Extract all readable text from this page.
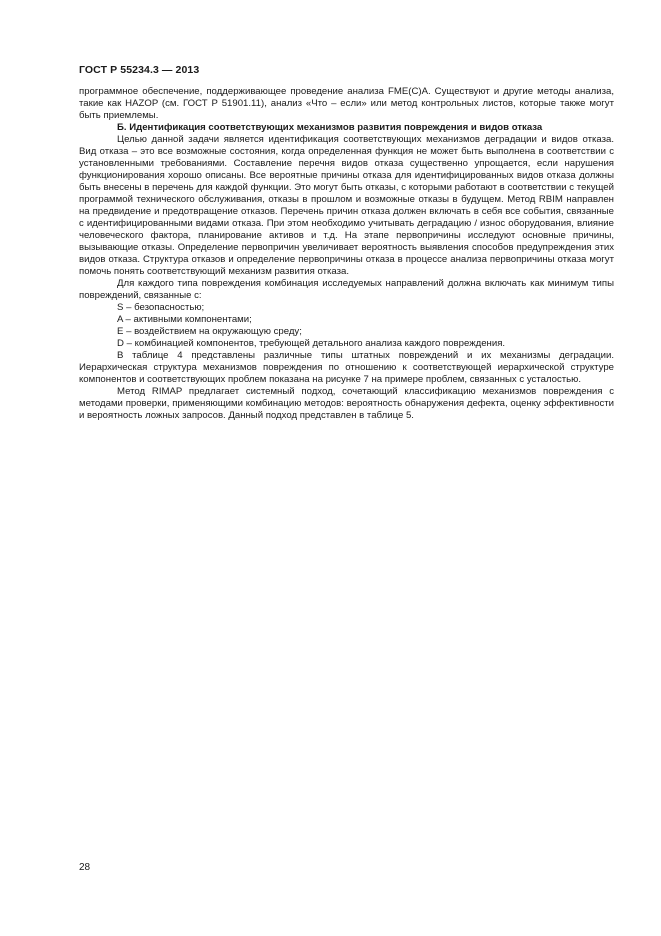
ГОСТ Р 55234.3 — 2013

программное обеспечение, поддерживающее проведение анализа FME(C)A. Существуют и другие методы анализа, такие как HAZOP (см. ГОСТ Р 51901.11), анализ «Что – если» или метод контрольных листов, которые также могут быть приемлемы.

Б. Идентификация соответствующих механизмов развития повреждения и видов отказа

Целью данной задачи является идентификация соответствующих механизмов деградации и видов отказа. Вид отказа – это все возможные состояния, когда определенная функция не может быть выполнена в соответствии с установленными требованиями. Составление перечня видов отказа существенно упрощается, если нарушения функционирования хорошо описаны. Все вероятные причины отказа для идентифицированных видов отказа должны быть внесены в перечень для каждой функции. Это могут быть отказы, с которыми работают в соответствии с текущей программой технического обслуживания, отказы в прошлом и возможные отказы в будущем. Метод RBIM направлен на предвидение и предотвращение отказов. Перечень причин отказа должен включать в себя все события, связанные с идентифицированными видами отказа. При этом необходимо учитывать деградацию / износ оборудования, влияние человеческого фактора, планирование активов и т.д. На этапе первопричины исследуют основные причины, вызывающие отказы. Определение первопричин увеличивает вероятность выявления способов предупреждения этих видов отказа. Структура отказов и определение первопричины отказа в процессе анализа первопричины отказа могут помочь понять соответствующий механизм развития отказа.

Для каждого типа повреждения комбинация исследуемых направлений должна включать как минимум типы повреждений, связанные с:

S – безопасностью;

A – активными компонентами;

E – воздействием на окружающую среду;

D – комбинацией компонентов, требующей детального анализа каждого повреждения.

В таблице 4 представлены различные типы штатных повреждений и их механизмы деградации. Иерархическая структура механизмов повреждения по отношению к соответствующей иерархической структуре компонентов и соответствующих проблем показана на рисунке 7 на примере проблем, связанных с усталостью.

Метод RIMAP предлагает системный подход, сочетающий классификацию механизмов повреждения с методами проверки, применяющими комбинацию методов: вероятность обнаружения дефекта, оценку эффективности и вероятность ложных запросов. Данный подход представлен в таблице 5.

28
